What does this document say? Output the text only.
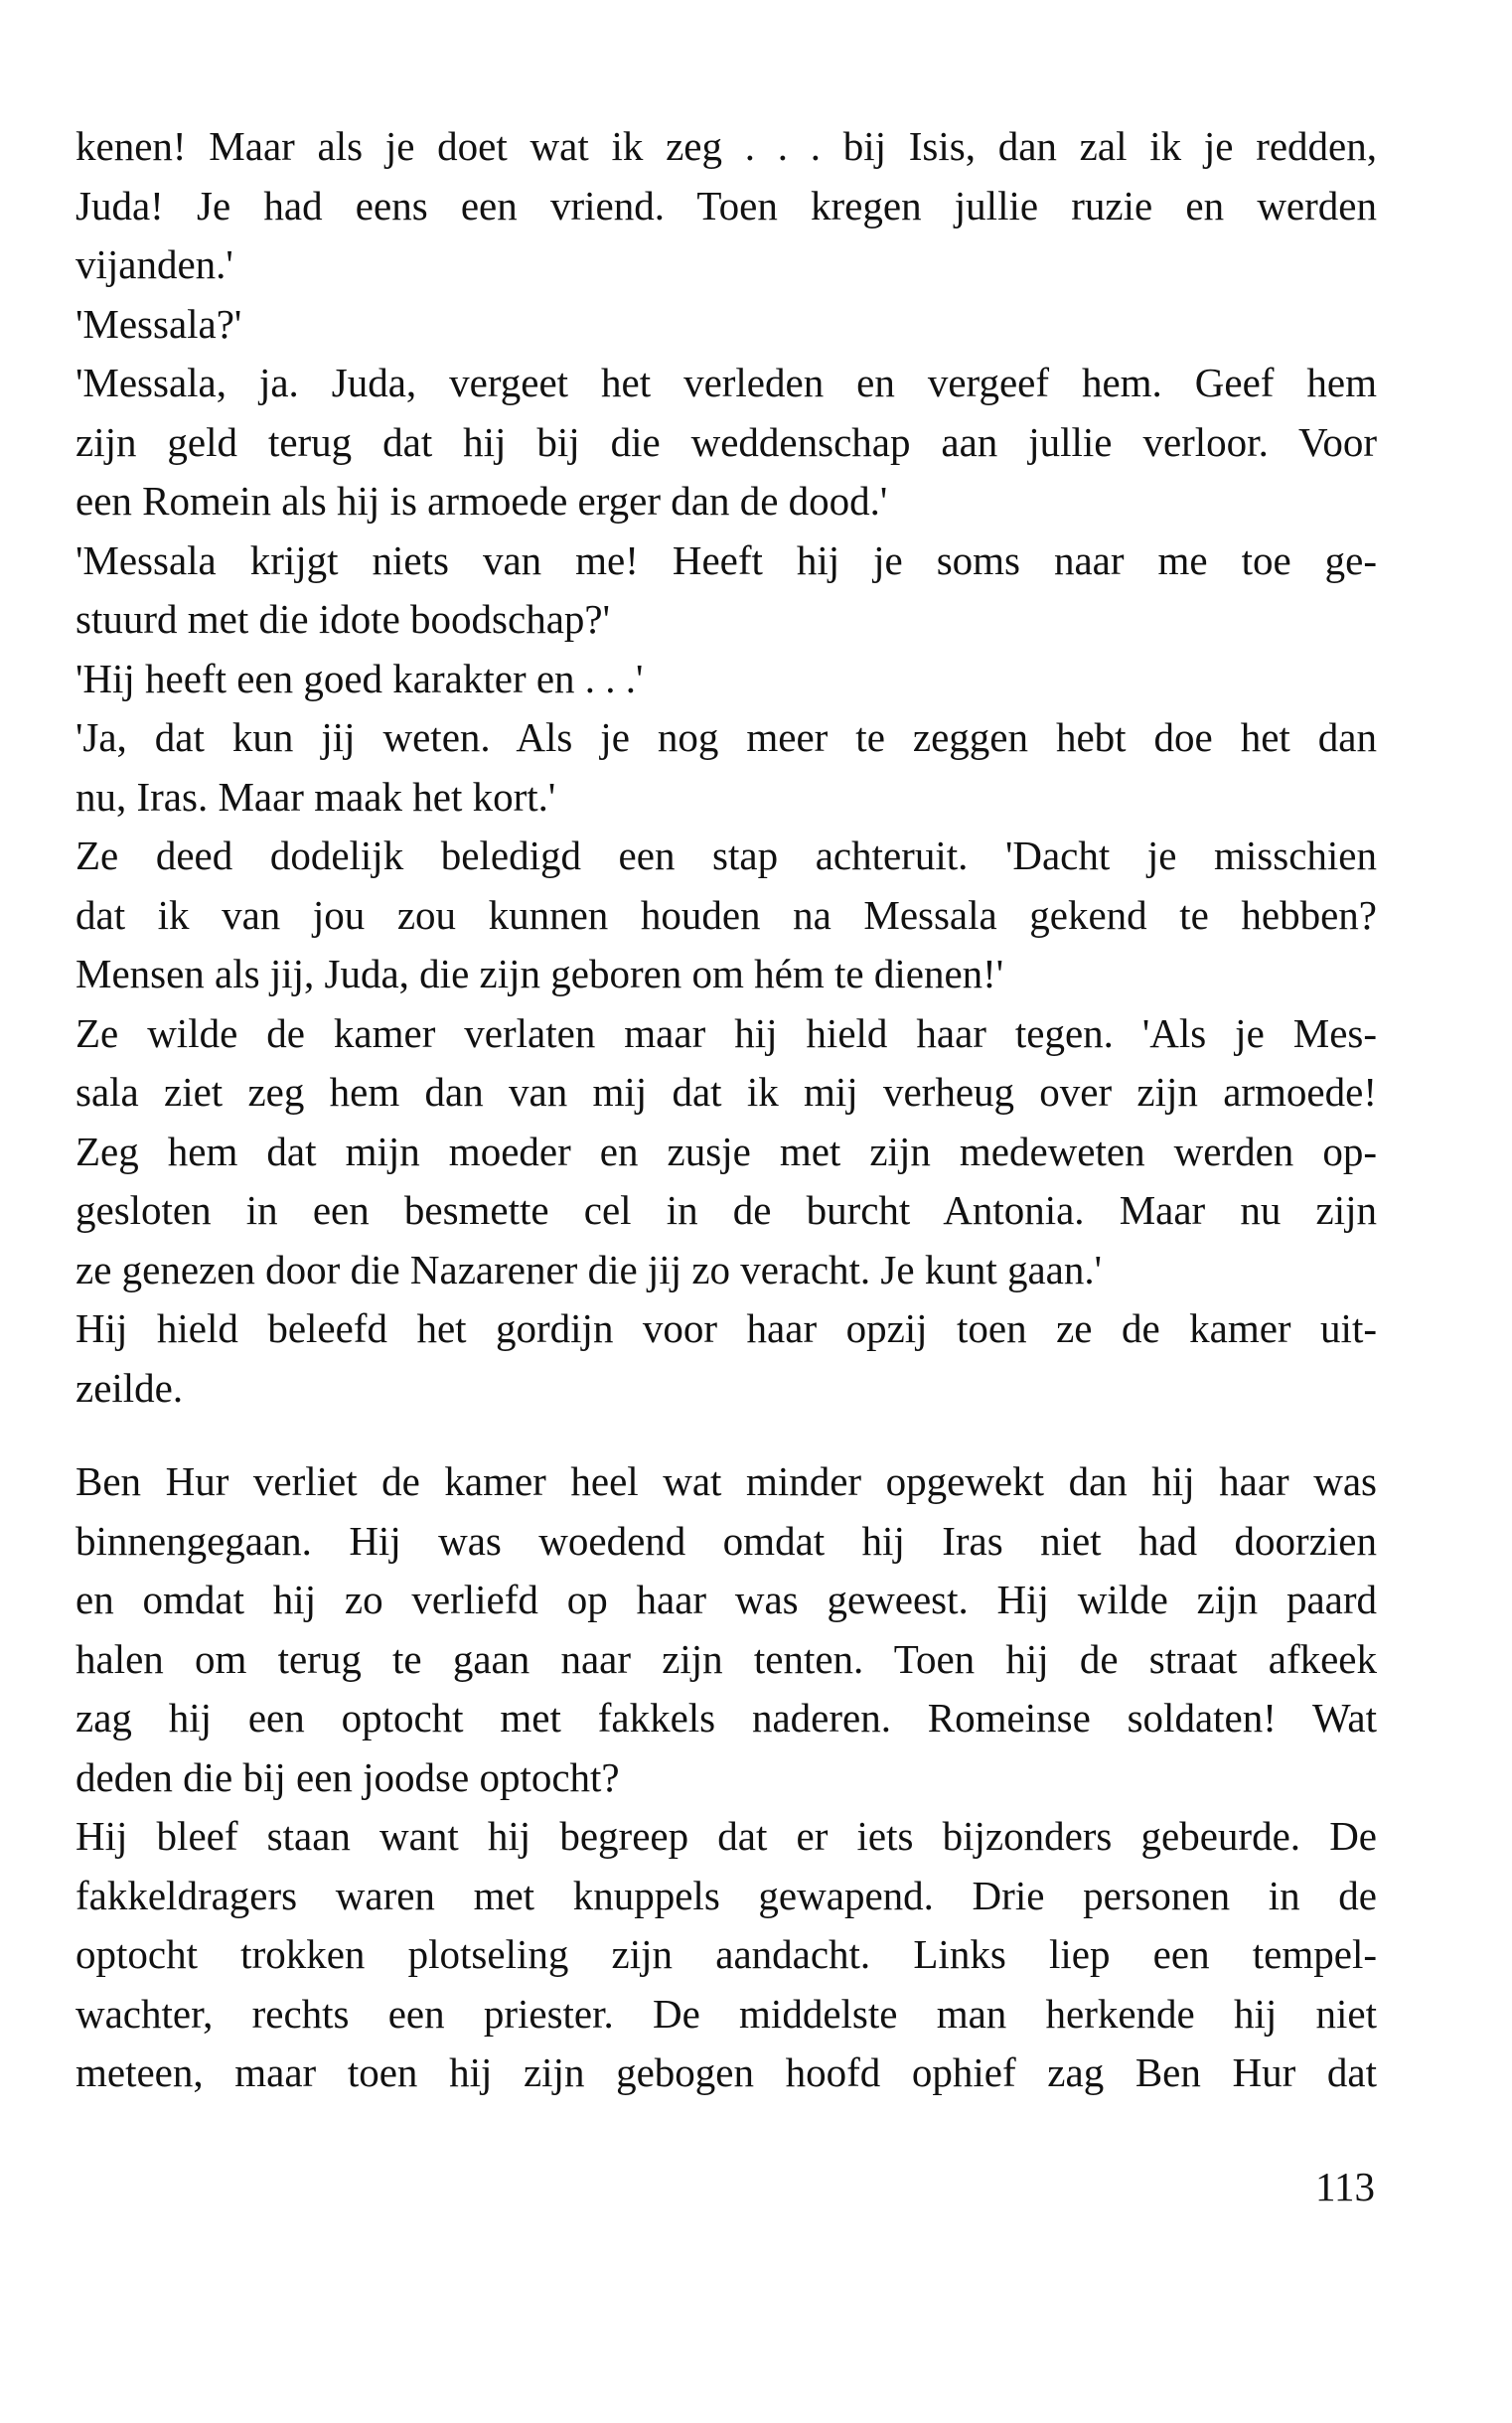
kenen! Maar als je doet wat ik zeg . . . bij Isis, dan zal ik je redden,
Juda! Je had eens een vriend. Toen kregen jullie ruzie en werden
vijanden.'
'Messala?'
'Messala, ja. Juda, vergeet het verleden en vergeef hem. Geef hem
zijn geld terug dat hij bij die weddenschap aan jullie verloor. Voor
een Romein als hij is armoede erger dan de dood.'
'Messala krijgt niets van me! Heeft hij je soms naar me toe ge-
stuurd met die idote boodschap?'
'Hij heeft een goed karakter en . . .'
'Ja, dat kun jij weten. Als je nog meer te zeggen hebt doe het dan
nu, Iras. Maar maak het kort.'
Ze deed dodelijk beledigd een stap achteruit. 'Dacht je misschien
dat ik van jou zou kunnen houden na Messala gekend te hebben?
Mensen als jij, Juda, die zijn geboren om hém te dienen!'
Ze wilde de kamer verlaten maar hij hield haar tegen. 'Als je Mes-
sala ziet zeg hem dan van mij dat ik mij verheug over zijn armoede!
Zeg hem dat mijn moeder en zusje met zijn medeweten werden op-
gesloten in een besmette cel in de burcht Antonia. Maar nu zijn
ze genezen door die Nazarener die jij zo veracht. Je kunt gaan.'
Hij hield beleefd het gordijn voor haar opzij toen ze de kamer uit-
zeilde.
Ben Hur verliet de kamer heel wat minder opgewekt dan hij haar was
binnengegaan. Hij was woedend omdat hij Iras niet had doorzien
en omdat hij zo verliefd op haar was geweest. Hij wilde zijn paard
halen om terug te gaan naar zijn tenten. Toen hij de straat afkeek
zag hij een optocht met fakkels naderen. Romeinse soldaten! Wat
deden die bij een joodse optocht?
Hij bleef staan want hij begreep dat er iets bijzonders gebeurde. De
fakkeldragers waren met knuppels gewapend. Drie personen in de
optocht trokken plotseling zijn aandacht. Links liep een tempel-
wachter, rechts een priester. De middelste man herkende hij niet
meteen, maar toen hij zijn gebogen hoofd ophief zag Ben Hur dat
113
